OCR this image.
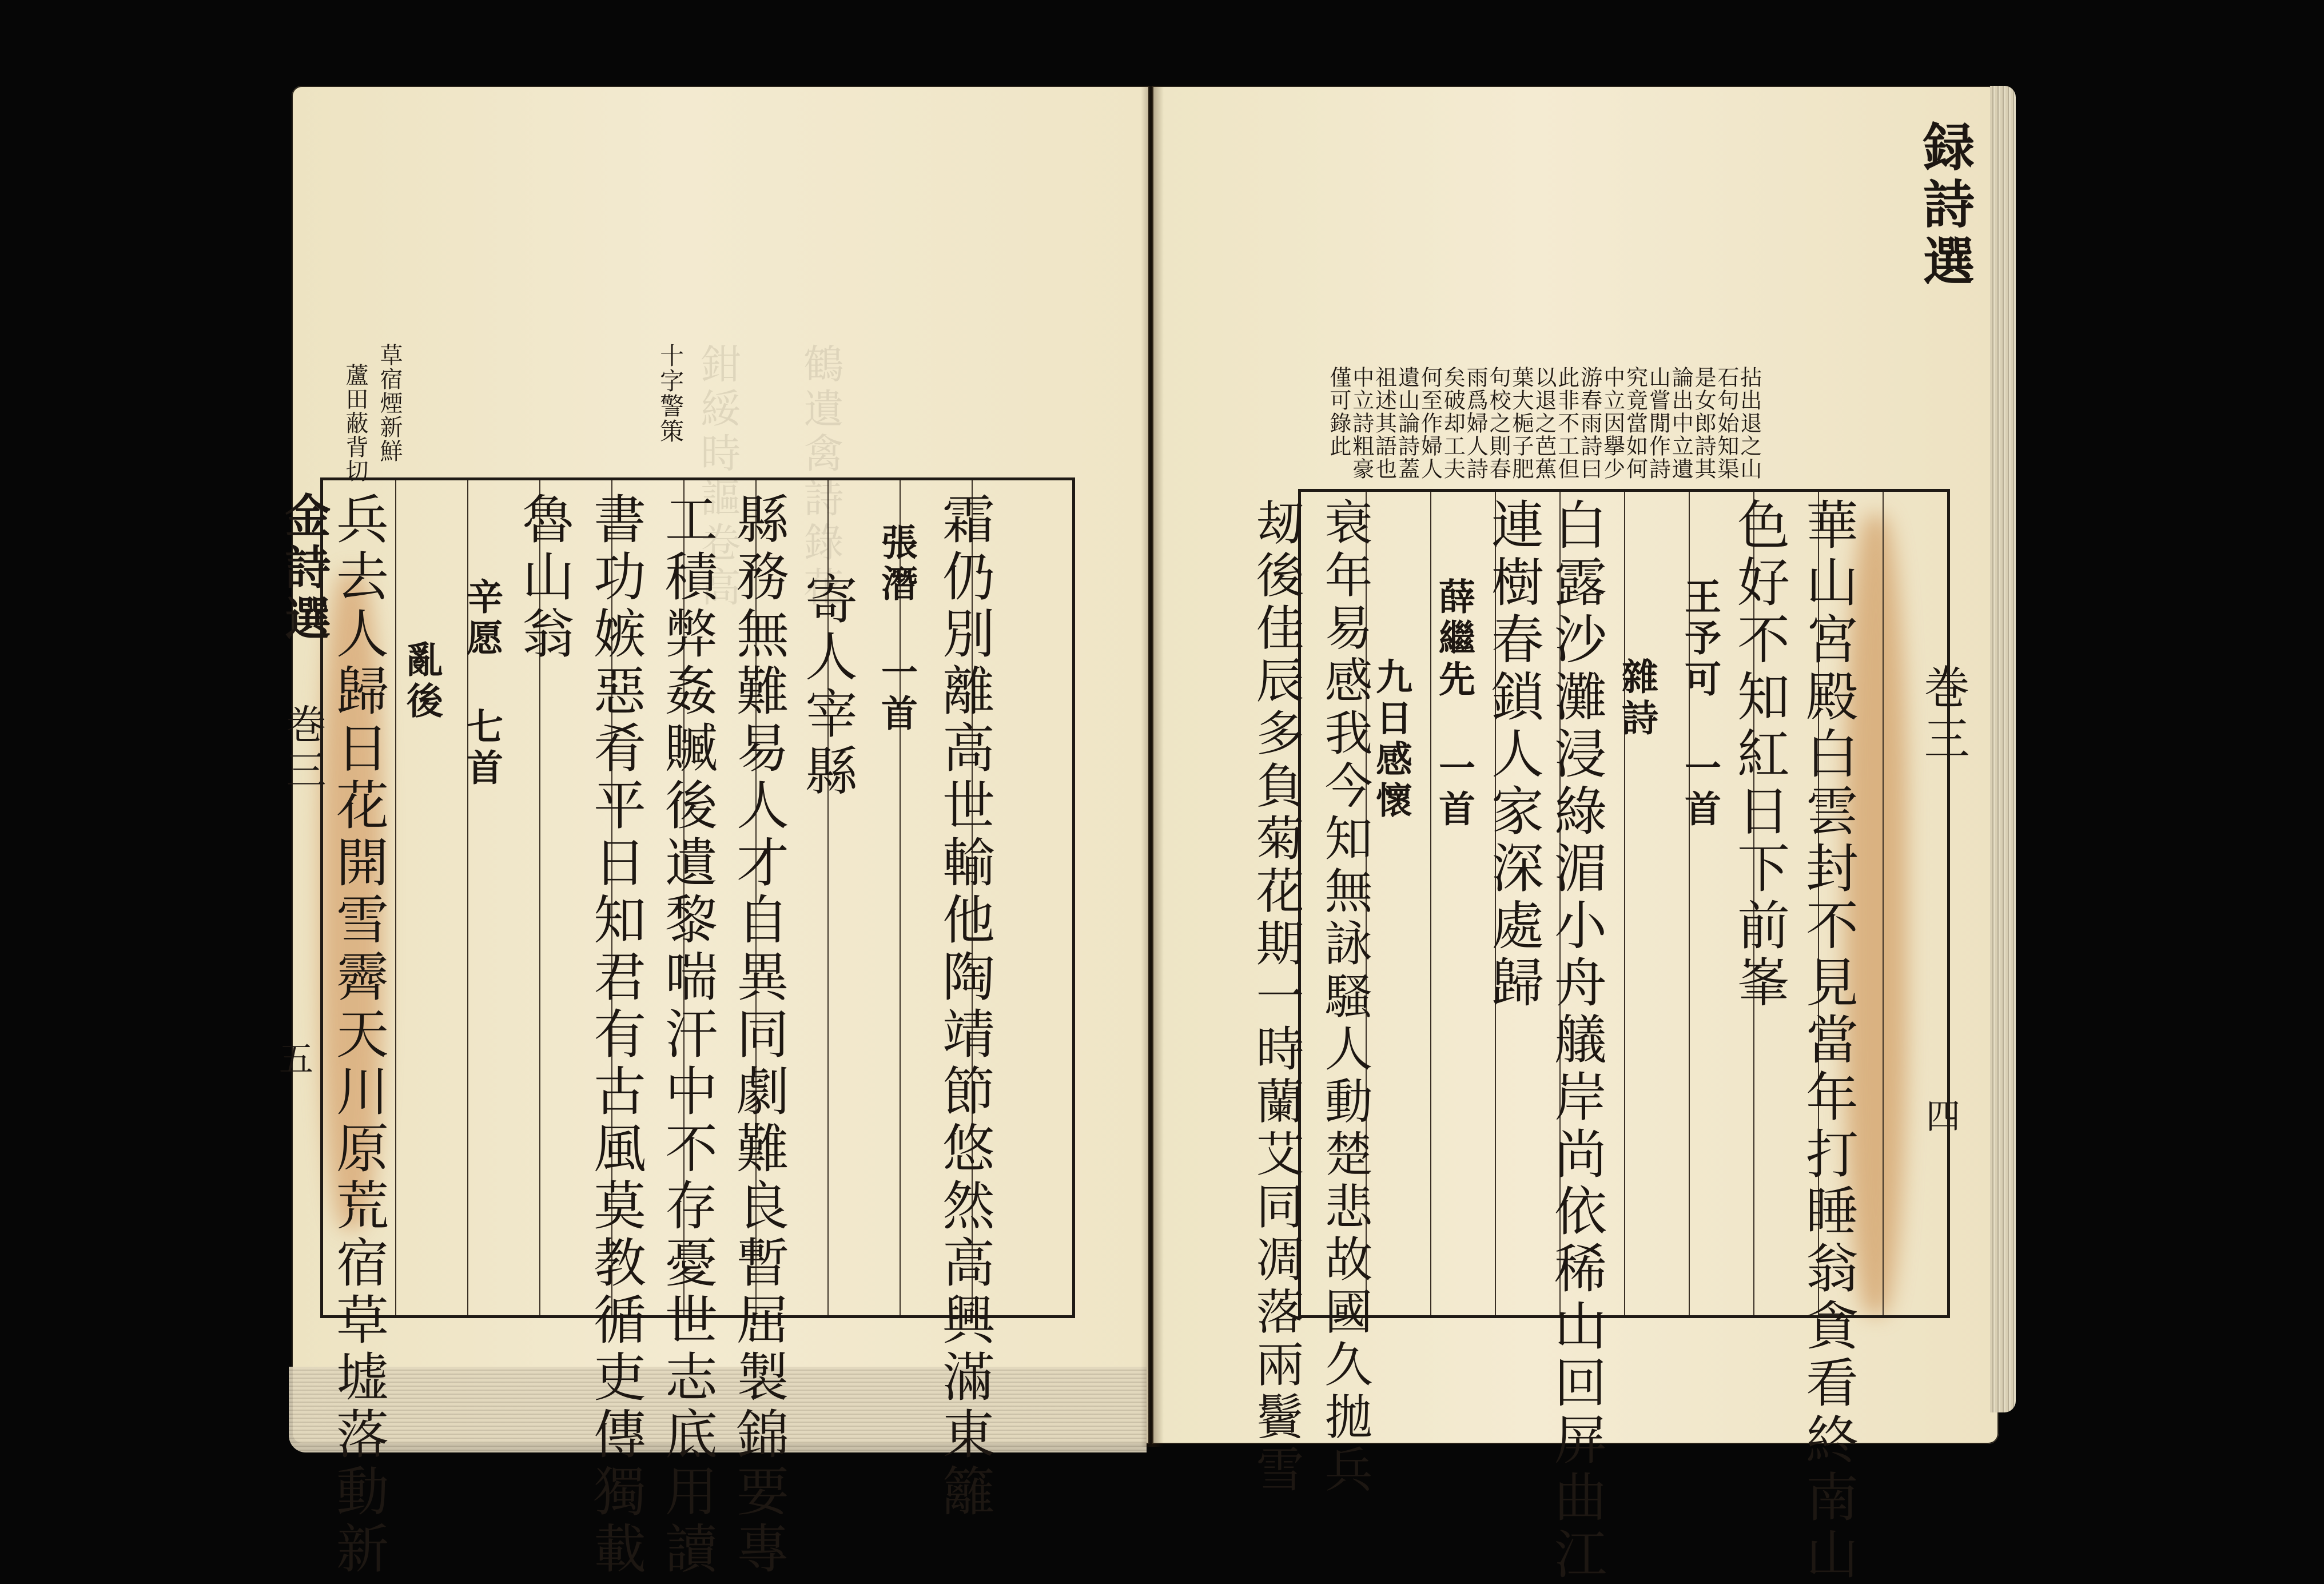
鶴遺禽詩錄花
鉗綏時謳卷高
録詩選
巻三
四
拈出退之山石句始知渠是女郎詩其論出中立遺山嘗閒作詩究竟當如何中立因擧少游春雨詩曰此非不工但以退之芭蕉葉大梔子肥句校之則春雨爲婦人詩矣破却工夫何至作婦人遺山論詩蓋祖述其語也中立詩粗豪僅可錄此
華山宮殿白雲封不見當年打睡翁貪看終南山
色好不知紅日下前峯
王予可 一首
雜詩
白露沙灘浸綠湄小舟艤岸尚依稀山回屏曲江
連樹春鎖人家深處歸
薛繼先 一首
九日感懷
衰年易感我今知無詠騷人動楚悲故國久拋兵
刼後佳辰多負菊花期一時蘭艾同凋落兩鬢雪
金詩選
巻三
五
草宿煙新鮮
蘆田蔽背切	十字警策
霜仍別離高世輸他陶靖節悠然高興滿東籬
張潛 一首
寄人宰縣
縣務無難易人才自異同劇難良暫屈製錦要專
工積弊姦贓後遺黎喘汗中不存憂世志底用讀
書功嫉惡肴平日知君有古風莫教循吏傳獨載
魯山翁
辛愿 七首
亂後
兵去人歸日花開雪霽天川原荒宿草墟落動新
